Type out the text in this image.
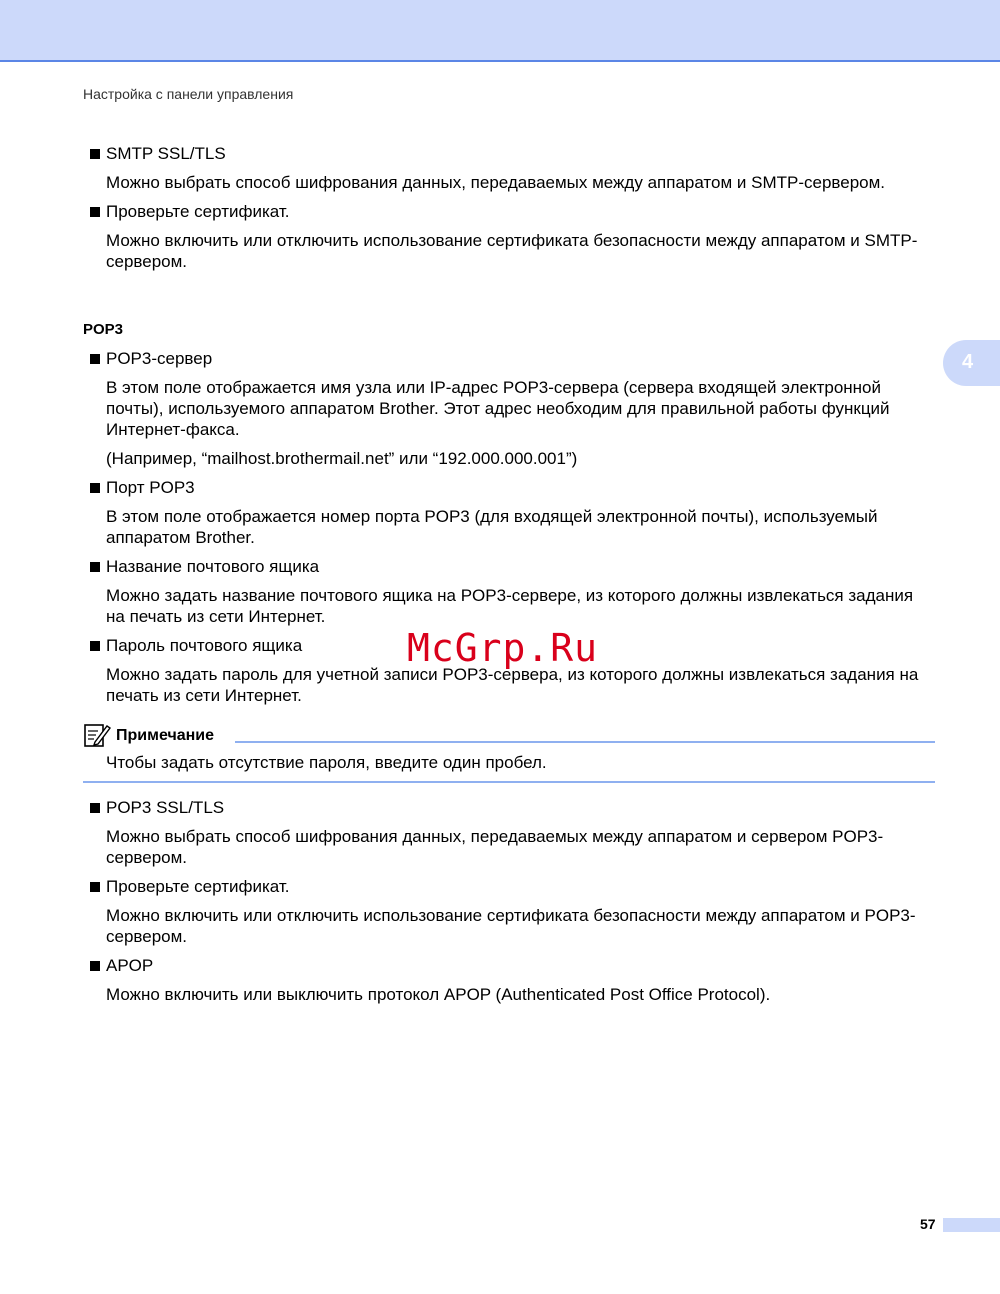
Настройка с панели управления
4
SMTP SSL/TLS
Можно выбрать способ шифрования данных, передаваемых между аппаратом и SMTP-сервером.
Проверьте сертификат.
Можно включить или отключить использование сертификата безопасности между аппаратом и SMTP-сервером.
POP3
POP3-сервер
В этом поле отображается имя узла или IP-адрес POP3-сервера (сервера входящей электронной почты), используемого аппаратом Brother. Этот адрес необходим для правильной работы функций Интернет-факса.
(Например, “mailhost.brothermail.net” или “192.000.000.001”)
Порт POP3
В этом поле отображается номер порта POP3 (для входящей электронной почты), используемый аппаратом Brother.
Название почтового ящика
Можно задать название почтового ящика на POP3-сервере, из которого должны извлекаться задания на печать из сети Интернет.
Пароль почтового ящика
Можно задать пароль для учетной записи POP3-сервера, из которого должны извлекаться задания на печать из сети Интернет.
Примечание
Чтобы задать отсутствие пароля, введите один пробел.
POP3 SSL/TLS
Можно выбрать способ шифрования данных, передаваемых между аппаратом и сервером POP3-сервером.
Проверьте сертификат.
Можно включить или отключить использование сертификата безопасности между аппаратом и POP3-сервером.
APOP
Можно включить или выключить протокол APOP (Authenticated Post Office Protocol).
McGrp.Ru
57
